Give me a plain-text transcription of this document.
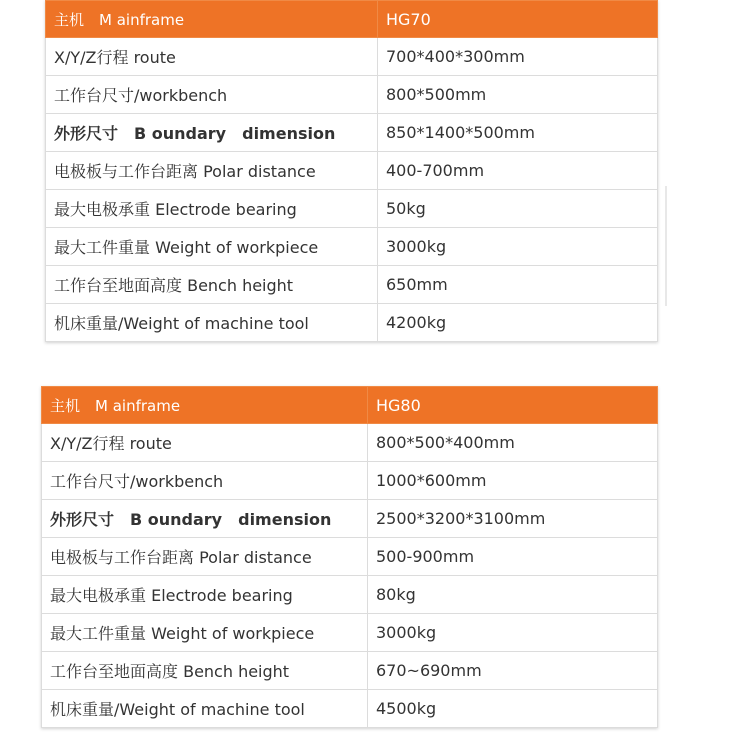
主机　M ainframe	HG70
X/Y/Z行程 route	700*400*300mm
工作台尺寸/workbench	800*500mm
外形尺寸　B oundary　dimension	850*1400*500mm
电极板与工作台距离 Polar distance	400-700mm
最大电极承重 Electrode bearing	50kg
最大工件重量 Weight of workpiece	3000kg
工作台至地面高度 Bench height	650mm
机床重量/Weight of machine tool	4200kg
主机　M ainframe	HG80
X/Y/Z行程 route	800*500*400mm
工作台尺寸/workbench	1000*600mm
外形尺寸　B oundary　dimension	2500*3200*3100mm
电极板与工作台距离 Polar distance	500-900mm
最大电极承重 Electrode bearing	80kg
最大工件重量 Weight of workpiece	3000kg
工作台至地面高度 Bench height	670~690mm
机床重量/Weight of machine tool	4500kg
